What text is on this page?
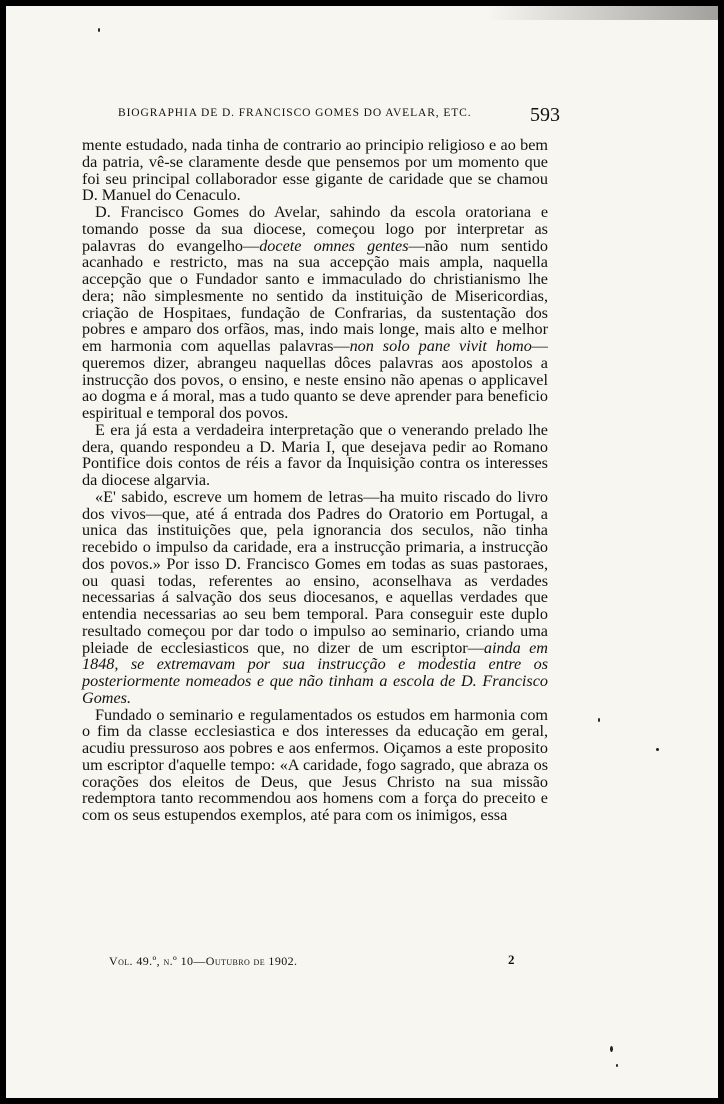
BIOGRAPHIA DE D. FRANCISCO GOMES DO AVELAR, ETC.	593

mente estudado, nada tinha de contrario ao principio religioso e ao bem da patria, vê-se claramente desde que pensemos por um momento que foi seu principal collaborador esse gigante de caridade que se chamou D. Manuel do Cenaculo.

D. Francisco Gomes do Avelar, sahindo da escola oratoriana e tomando posse da sua diocese, começou logo por interpretar as palavras do evangelho—docete omnes gentes—não num sentido acanhado e restricto, mas na sua accepção mais ampla, naquella accepção que o Fundador santo e immaculado do christianismo lhe dera; não simplesmente no sentido da instituição de Misericordias, criação de Hospitaes, fundação de Confrarias, da sustentação dos pobres e amparo dos orfãos, mas, indo mais longe, mais alto e melhor em harmonia com aquellas palavras—non solo pane vivit homo—queremos dizer, abrangeu naquellas dôces palavras aos apostolos a instrucção dos povos, o ensino, e neste ensino não apenas o applicavel ao dogma e á moral, mas a tudo quanto se deve aprender para beneficio espiritual e temporal dos povos.

E era já esta a verdadeira interpretação que o venerando prelado lhe dera, quando respondeu a D. Maria I, que desejava pedir ao Romano Pontifice dois contos de réis a favor da Inquisição contra os interesses da diocese algarvia.

«E' sabido, escreve um homem de letras—ha muito riscado do livro dos vivos—que, até á entrada dos Padres do Oratorio em Portugal, a unica das instituições que, pela ignorancia dos seculos, não tinha recebido o impulso da caridade, era a instrucção primaria, a instrucção dos povos.» Por isso D. Francisco Gomes em todas as suas pastoraes, ou quasi todas, referentes ao ensino, aconselhava as verdades necessarias á salvação dos seus diocesanos, e aquellas verdades que entendia necessarias ao seu bem temporal. Para conseguir este duplo resultado começou por dar todo o impulso ao seminario, criando uma pleiade de ecclesiasticos que, no dizer de um escriptor—ainda em 1848, se extremavam por sua instrucção e modestia entre os posteriormente nomeados e que não tinham a escola de D. Francisco Gomes.

Fundado o seminario e regulamentados os estudos em harmonia com o fim da classe ecclesiastica e dos interesses da educação em geral, acudiu pressuroso aos pobres e aos enfermos. Oiçamos a este proposito um escriptor d'aquelle tempo: «A caridade, fogo sagrado, que abraza os corações dos eleitos de Deus, que Jesus Christo na sua missão redemptora tanto recommendou aos homens com a força do preceito e com os seus estupendos exemplos, até para com os inimigos, essa

Vol. 49.º, n.º 10—Outubro de 1902.	2
